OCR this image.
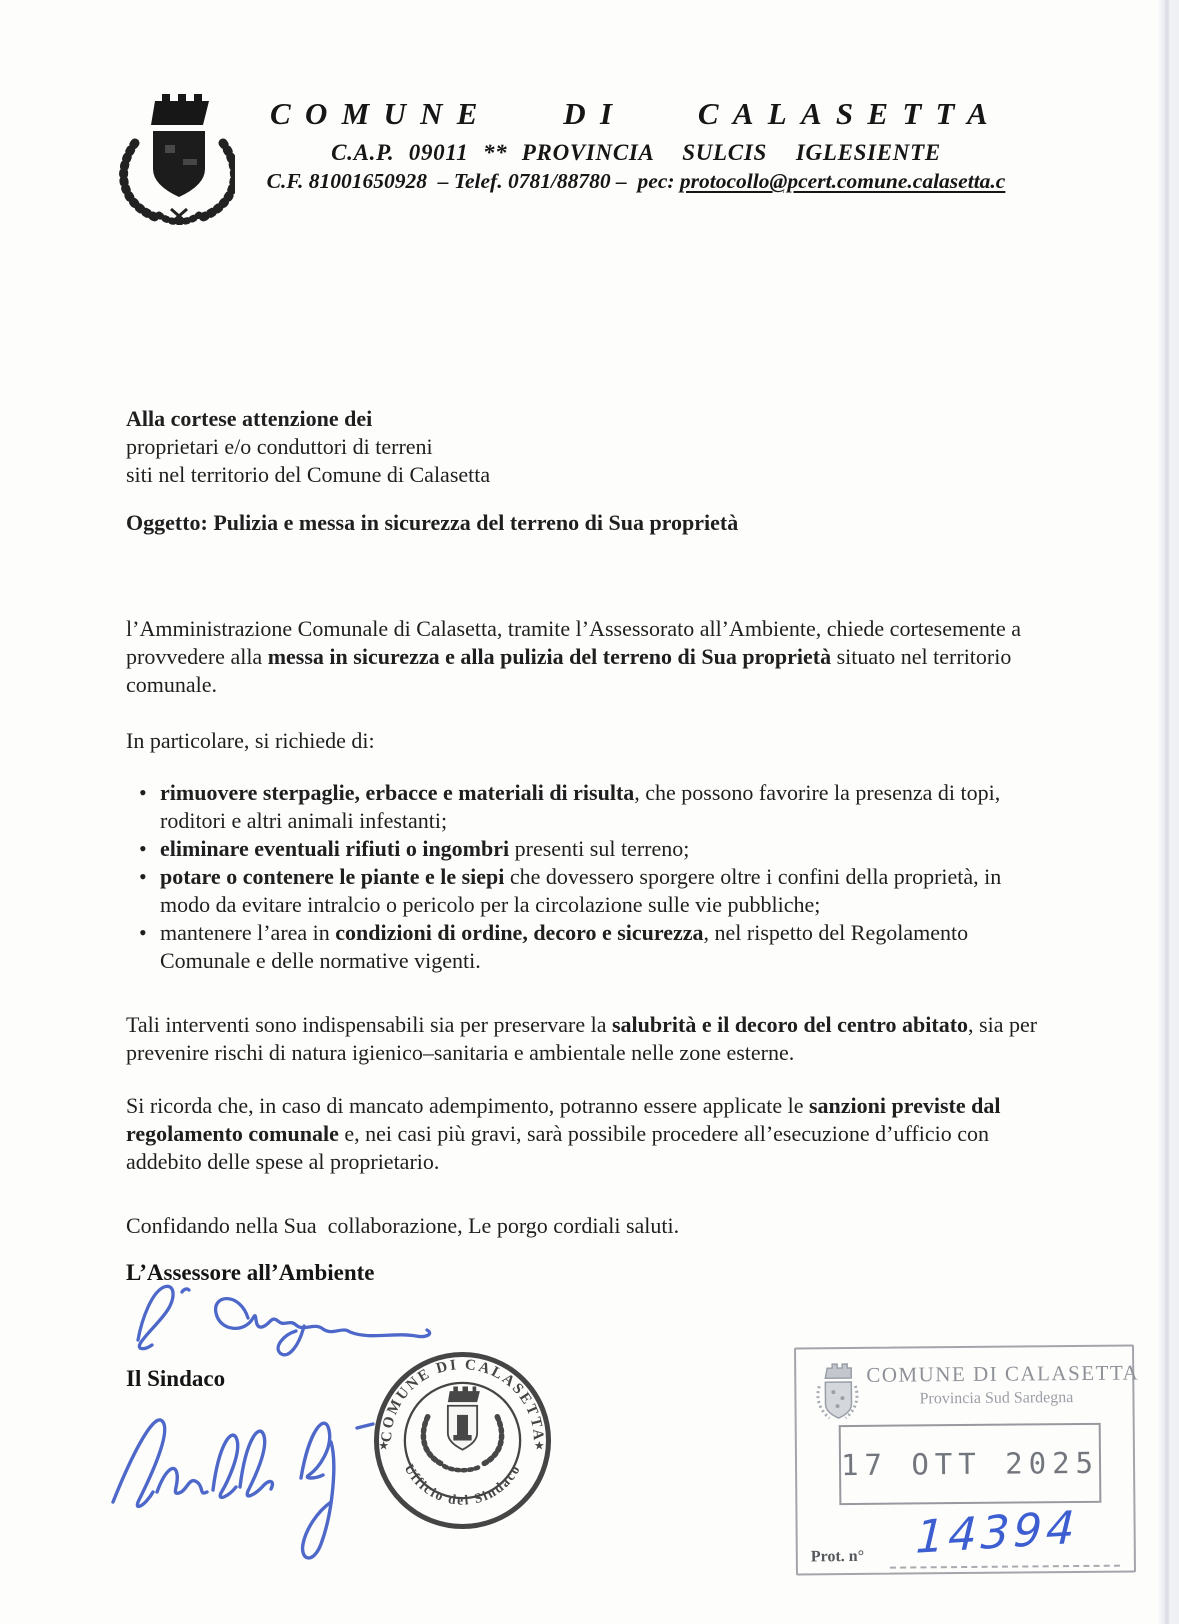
COMUNE DI CALASETTA
C.A.P. 09011 ** PROVINCIA  SULCIS  IGLESIENTE
C.F. 81001650928  – Telef. 0781/88780 –  pec: protocollo@pcert.comune.calasetta.c

Alla cortese attenzione dei

proprietari e/o conduttori di terreni

siti nel territorio del Comune di Calasetta

Oggetto: Pulizia e messa in sicurezza del terreno di Sua proprietà

l’Amministrazione Comunale di Calasetta, tramite l’Assessorato all’Ambiente, chiede cortesemente a provvedere alla messa in sicurezza e alla pulizia del terreno di Sua proprietà situato nel territorio comunale.

In particolare, si richiede di:

• rimuovere sterpaglie, erbacce e materiali di risulta, che possono favorire la presenza di topi, roditori e altri animali infestanti;
• eliminare eventuali rifiuti o ingombri presenti sul terreno;
• potare o contenere le piante e le siepi che dovessero sporgere oltre i confini della proprietà, in modo da evitare intralcio o pericolo per la circolazione sulle vie pubbliche;
• mantenere l’area in condizioni di ordine, decoro e sicurezza, nel rispetto del Regolamento Comunale e delle normative vigenti.

Tali interventi sono indispensabili sia per preservare la salubrità e il decoro del centro abitato, sia per prevenire rischi di natura igienico–sanitaria e ambientale nelle zone esterne.

Si ricorda che, in caso di mancato adempimento, potranno essere applicate le sanzioni previste dal regolamento comunale e, nei casi più gravi, sarà possibile procedere all’esecuzione d’ufficio con addebito delle spese al proprietario.

Confidando nella Sua  collaborazione, Le porgo cordiali saluti.

L’Assessore all’Ambiente
Il Sindaco
COMUNE DI CALASETTA
Ufficio del Sindaco
★	★
COMUNE DI CALASETTA
Provincia Sud Sardegna
17 OTT 2025
Prot. n° 14394
